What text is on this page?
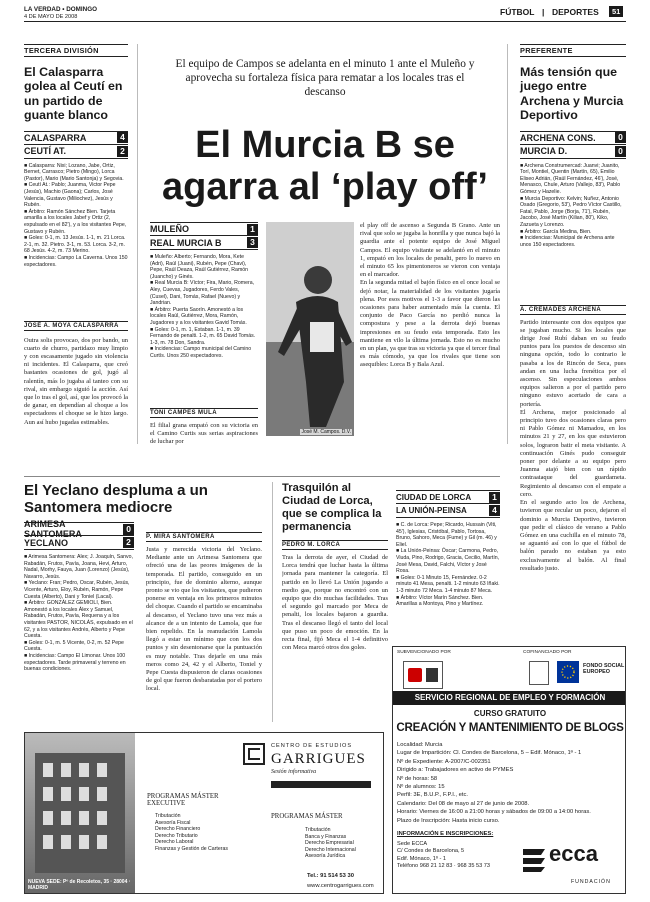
LA VERDAD • DOMINGO
4 DE MAYO DE 2008	FÚTBOL | DEPORTES	51
TERCERA DIVISIÓN
El Calasparra golea al Ceutí en un partido de guante blanco
CALASPARRA	4
CEUTÍ AT.	2
■ Calasparra: Nixi; Lozano, Jabe, Ortiz, Bernet, Carrasco; Pietro (Mingo), Lorca (Pastor), Mario (Mario Santonja) y Segovia.
■ Ceutí At.: Pablo; Juanma, Victor Pepe (Jesús), Machio (Gaona); Carlos, José Valencia, Gustavo (Miliochez), Jesús y Rubén.
■ Árbitro: Ramón Sánchez Bien. Tarjeta amarilla a los locales Jabef y Ortiz (2, expulsado en el 82'), y a los visitantes Pepe, Gustavo y Rubén.
■ Goles: 0-1, m. 13 Jesús. 1-1, m. 21 Lorca. 2-1, m. 32. Pietro. 3-1, m. 53. Lorca. 3-2, m. 68 Jesús. 4-2, m. 73 Merino.
■ Incidencias: Campo La Caverna. Unos 150 espectadores.
JOSÉ A. MOYA CALASPARRA
Outra solis provocao, dos por bando, un cuarto de churro, partidazo muy limpio y con escasamente jugado sin violencia ni incidentes. El Calasparra, que creó bastantes ocasiones de gol, jugó al ralentín, más lo jugaba al tanteo con su rival, sin embargo siguió la acción. Así que lo tras el gol, así, que los provocó la de ganar, en dependían al choque a los espectadores el choque se le hizo largo. Aun así hubo jugadas estimables.
El equipo de Campos se adelanta en el minuto 1 ante el Muleño y aprovecha su fortaleza física para rematar a los locales tras el descanso
El Murcia B se agarra al ‘play off’
MULEÑO	1
REAL MURCIA B	3
■ Muleño: Alberto; Fernando, Mora, Kete (Adri), Raúl (Juani), Rubén, Pepe (Chavi), Pepe, Raúl Deaza, Raúl Gutiérrez, Ramón (Juancho) y Ginés.
■ Real Murcia B: Víctor; Fira, Mario, Romera, Aley, Cuevas, Jugadores, Ferdo Vales, (Cusel), Dani, Tomás, Rafael (Nuevo) y Jandrian.
■ Árbitro: Puerta Saorín. Amonestó a los locales Raúl, Gutiérrez, Mora, Ramón, Jugadores y a los visitantes Gavid Tomás.
■ Goles: 0-1, m. 1, Estaban. 1-1, m. 39 Fernando de penalti. 1-2, m. 65 David Tomás. 1-3, m. 78 Don, Sandra.
■ Incidencias: Campo municipal del Camino Curtís. Unos 250 espectadores.
TONI CAMPES MULA
El filial grana empató con su victoria en el Camino Curtis sus serias aspiraciones de luchar por
José M. Campos. D.V.
el play off de ascenso a Segunda B Grano. Ante un rival que solo se jugaba la honrilla y que nunca bajó la guardia ante el potente equipo de José Miguel Campos. El equipo visitante se adelantó en el minuto 1, empató en los locales de penalti, pero lo nuevo en el minuto 65 los pimentoneros se vieron con ventaja en el marcador.
En la segunda mitad el bajón físico en el once local se dejó notar, la materialidad de los visitantes jugaría plena. Por esos motivos el 1-3 a favor que dieron las ocasiones para haber aumentado más la cuenta. El conjunto de Paco García no perdió nunca la compostura y pese a la derrota dejó buenas impresiones en su feudo esta temporada. Esto les mantiene en vilo la última jornada. Esto no es mucho en un plan, ya que tras su victoria ya que el tercer final es más cómodo, ya que los rivales que tiene son asequibles: Lorca B y Bala Azul.
PREFERENTE
Más tensión que juego entre Archena y Murcia Deportivo
ARCHENA CONS.	0
MURCIA D.	0
■ Archena Construmercad: Juanvi; Juanito, Torí, Montiel, Quentin (Martín, 65), Emilio Eliseo Adrián, (Raúl Fernández, 46'), José, Menasco, Chule, Arturo (Vallejo, 83'), Pablo Gómez y Hazelie.
■ Murcia Deportivo: Kelvin; Nuñez, Antonio Osado (Gregorio, 53'), Pedro Víctor Castillo, Fatal, Pablo, Jorge (Borja, 71'), Rubén, Jacobo, José Martín (Kilian, 80'), Kiko, Zazueta y Lorenzo.
■ Árbitro: García Medina, Bien.
■ Incidencias: Municipal de Archena ante unos 150 espectadores.
A. CREMADES ARCHENA
Partido interesante con dos equipos que se jugaban mucho. Si los locales que dirige José Rubí daban en su feudo puntos para los puestos de descenso sin ninguna opción, todo lo contrario le pasaba a los de Rincón de Seca, pues andan en una lucha frenética por el ascenso. Sin especulaciones ambos equipos salieron a por el partido pero ninguno estuvo acertado de cara a portería.
El Archena, mejor posicionado al principio tuvo dos ocasiones claras pero ni Pablo Gómez ni Mamadou, en los minutos 21 y 27, en los que estuvieron solos, lograron batir el meta visitante. A continuación Ginés pudo conseguir poner por delante a su equipo pero Juanma atajó bien con un rápido contraataque del guardameta. Regimiento al descanso con el empate a cero.
En el segundo acto los de Archena, tuvieron que recular un poco, dejaron el dominio a Murcia Deportivo, tuvieron que pedir el clásico de verano a Pablo Gómez en una cuchilla en el minuto 78, se aguantó así con lo que el fútbol de balón parado no estaban ya esto exclusivamente al balón. Al final resultado justo.
El Yeclano despluma a un Santomera mediocre
ARIMESA SANTOMERA
0
YECLANO	2
■ Arimesa Santomera: Álex; J. Joaquín, Sanvo, Rabadán, Frutos, Pavía, Joana, Hevi, Arturo, Nadal, Morhy, Fauya, Juan (Lorenzo) (Jesús), Navarro, Jesús.
■ Yeclano: Fran; Pedro, Oscar, Rubén, Jesús, Vicente, Arturo, Eloy, Rubén, Ramón, Pepe Cuesta (Alberto), Dani y Toniel (Lacal).
■ Árbitro: GONZÁLEZ GEMIOLI, Bien. Amonestó a los locales Álex y Samuel, Rabadán, Frutos, Pavía, Requena y a los visitantes PASTOR, NICOLÁS, expulsado en el 62, y a los visitantes Andrés, Alberto y Pepe Cuesta.
■ Goles: 0-1, m. 5 Vicente, 0-2, m. 52 Pepe Cuesta.
■ Incidencias: Campo El Limonar. Unos 100 espectadores. Tarde primaveral y terreno en buenas condiciones.
P. MIRA SANTOMERA
Justa y merecida victoria del Yeclano. Mediante ante un Arimesa Santomera que ofreció una de las peores imágenes de la temporada. El partido, conseguido en un principio, fue de dominio alterno, aunque pronto se vio que los visitantes, que pudieron ponerse en ventaja en los primeros minutos del choque. Cuando el partido se encaminaba al descanso, el Yeclano tuvo una vez más a alcance de a un intento de Lamola, que fue bien repelido. En la reanudación Lamola llegó a estar un mínimo que con los dos puntos y sin desentonarse que la puntuación es muy notable. Tras dejarle en una más meros como 24, 42 y el Alberto, Toniel y Pepe Cuesta dispusieron de claras ocasiones de gol que fueron desbaratadas por el portero local.
Trasquilón al Ciudad de Lorca, que se complica la permanencia
PEDRO M. LORCA
Tras la derrota de ayer, el Ciudad de Lorca tendrá que luchar hasta la última jornada para mantener la categoría. El partido en lo llevó La Unión jugando a medio gas, porque no encontró con un equipo que dio muchas facilidades. Tras el segundo gol marcado por Meca de penalti, los locales bajaron a guardia. Tras el descanso llegó el tanto del local que puso un poco de emoción. En la recta final, fijó Meca el 1-4 definitivo con Meca marcó otros dos goles.
CIUDAD DE LORCA	1
LA UNIÓN-PEINSA	4
■ C. de Lorca: Pepe; Ricardo, Hussain (Viti, 45'), Iglesias, Cristóbal, Pablo, Tortosa, Bruno, Sahoro, Meca (Fume) y Gil (m. 46) y Eliel.
■ La Unión-Peinsa: Óscar; Carmona, Pedro, Viuda, Pino, Rodrigo, Gracia, Cecilio, Martín, José Mesa, David, Falchi, Víctor y José Rosa.
■ Goles: 0-1 Minuto 15, Fernández. 0-2 minuto 41 Mesa, penalti. 1-2 minuto 63 Iñaki. 1-3 minuto 72 Meca. 1-4 minuto 87 Meca.
■ Árbitro: Víctor Marín Sánchez. Bien. Amarillas a Montoya, Pino y Martínez.
NUEVA SEDE: Pº de Recoletos, 35 · 28004 · MADRID
CENTRO DE ESTUDIOS
GARRIGUES
Sesión informativa
PROGRAMAS MÁSTER EXECUTIVE
Tributación
Asesoría Fiscal
Derecho Financiero
Derecho Tributario
Derecho Laboral
Finanzas y Gestión de Carteras
PROGRAMAS MÁSTER
Tributación
Banca y Finanzas
Derecho Empresarial
Derecho Internacional
Asesoría Jurídica
Tel.: 91 514 53 30
www.centrogarrigues.com
SUBVENCIONADO POR	COFINANCIADO POR
FONDO SOCIAL EUROPEO
SERVICIO REGIONAL DE EMPLEO Y FORMACIÓN
CURSO GRATUITO
CREACIÓN Y MANTENIMIENTO DE BLOGS
Localidad: Murcia
Lugar de Impartición: Cl. Condes de Barcelona, 5 – Edif. Mónaco, 1ª - 1
Nº de Expediente: A-2007/C-002351
Dirigido a: Trabajadores en activo de PYMES
Nº de horas: 58
Nº de alumnos: 15
Perfil: 3E, B.U.P., F.P.I., etc.
Calendario: Del 08 de mayo al 27 de junio de 2008.
Horario: Viernes de 16:00 a 21:00 horas y sábados de 09:00 a 14:00 horas.
Plazo de Inscripción: Hasta inicio curso.
INFORMACIÓN E INSCRIPCIONES:
Sede ECCA
C/ Condes de Barcelona, 5
Edif. Mónaco, 1º - 1
Teléfono 968 21 12 83 · 968 35 53 73
ecca
FUNDACIÓN
